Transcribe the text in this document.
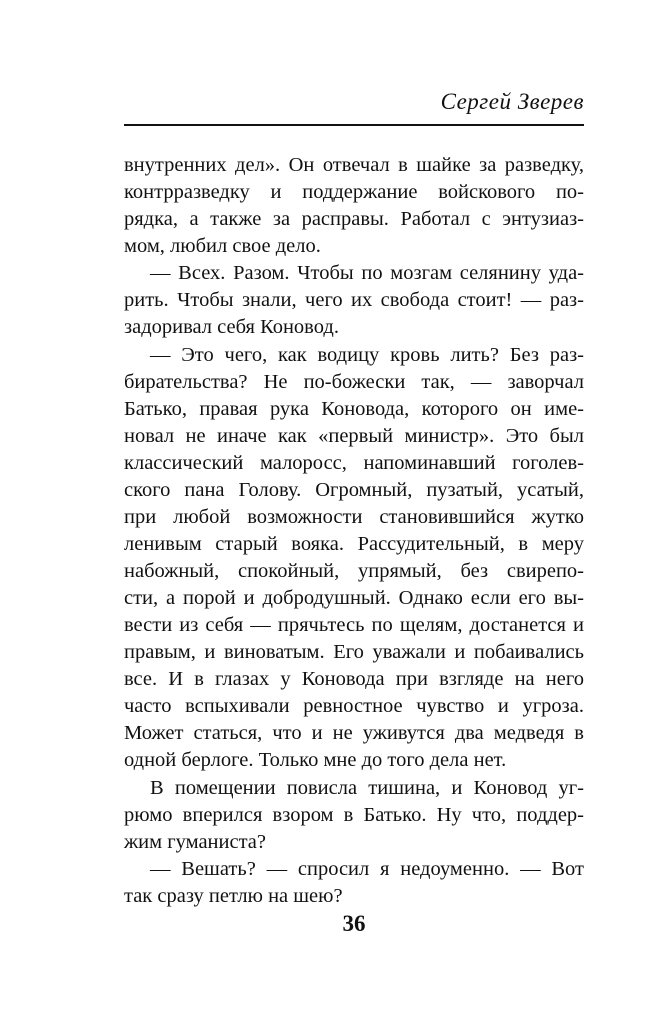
Сергей Зверев
внутренних дел». Он отвечал в шайке за разведку,
контрразведку и поддержание войскового по-
рядка, а также за расправы. Работал с энтузиаз-
мом, любил свое дело.
— Всех. Разом. Чтобы по мозгам селянину уда-
рить. Чтобы знали, чего их свобода стоит! — раз-
задоривал себя Коновод.
— Это чего, как водицу кровь лить? Без раз-
бирательства? Не по-божески так, — заворчал
Батько, правая рука Коновода, которого он име-
новал не иначе как «первый министр». Это был
классический малоросс, напоминавший гоголев-
ского пана Голову. Огромный, пузатый, усатый,
при любой возможности становившийся жутко
ленивым старый вояка. Рассудительный, в меру
набожный, спокойный, упрямый, без свирепо-
сти, а порой и добродушный. Однако если его вы-
вести из себя — прячьтесь по щелям, достанется и
правым, и виноватым. Его уважали и побаивались
все. И в глазах у Коновода при взгляде на него
часто вспыхивали ревностное чувство и угроза.
Может статься, что и не уживутся два медведя в
одной берлоге. Только мне до того дела нет.
В помещении повисла тишина, и Коновод уг-
рюмо вперился взором в Батько. Ну что, поддер-
жим гуманиста?
— Вешать? — спросил я недоуменно. — Вот
так сразу петлю на шею?
36
